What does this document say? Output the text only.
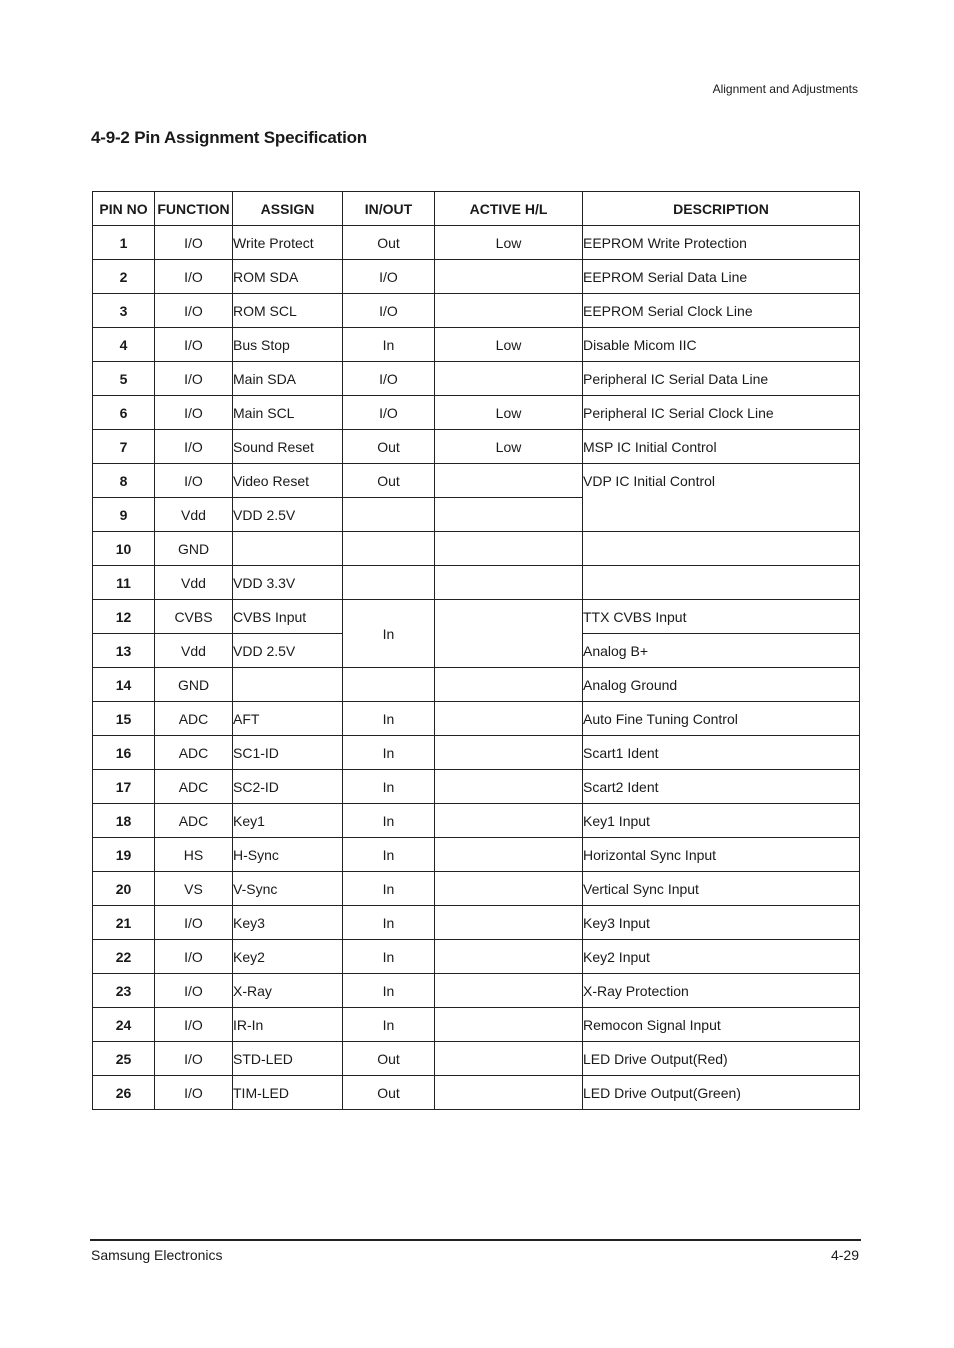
Alignment and Adjustments
4-9-2 Pin Assignment Specification
PIN NO	FUNCTION	ASSIGN	IN/OUT	ACTIVE H/L	DESCRIPTION
1	I/O	Write Protect	Out	Low	EEPROM Write Protection
2	I/O	ROM SDA	I/O		EEPROM Serial Data Line
3	I/O	ROM SCL	I/O		EEPROM Serial Clock Line
4	I/O	Bus Stop	In	Low	Disable Micom IIC
5	I/O	Main SDA	I/O		Peripheral IC Serial Data Line
6	I/O	Main SCL	I/O	Low	Peripheral IC Serial Clock Line
7	I/O	Sound Reset	Out	Low	MSP IC Initial Control
8	I/O	Video Reset	Out		VDP IC Initial Control
9	Vdd	VDD 2.5V			
10	GND				
11	Vdd	VDD 3.3V			
12	CVBS	CVBS Input	In		TTX CVBS Input
13	Vdd	VDD 2.5V			Analog B+
14	GND				Analog Ground
15	ADC	AFT	In		Auto Fine Tuning Control
16	ADC	SC1-ID	In		Scart1 Ident
17	ADC	SC2-ID	In		Scart2 Ident
18	ADC	Key1	In		Key1 Input
19	HS	H-Sync	In		Horizontal Sync Input
20	VS	V-Sync	In		Vertical Sync Input
21	I/O	Key3	In		Key3 Input
22	I/O	Key2	In		Key2 Input
23	I/O	X-Ray	In		X-Ray Protection
24	I/O	IR-In	In		Remocon Signal Input
25	I/O	STD-LED	Out		LED Drive Output(Red)
26	I/O	TIM-LED	Out		LED Drive Output(Green)
Samsung Electronics	4-29
